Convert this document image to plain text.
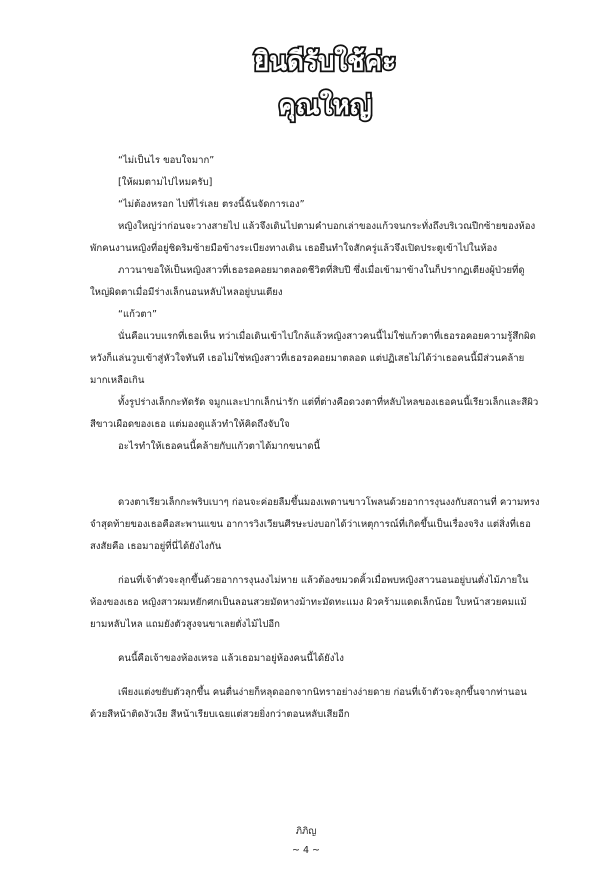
ยินดีรับใช้ค่ะ
คุณใหญ่

“ไม่เป็นไร ขอบใจมาก”

[ให้ผมตามไปไหมครับ]

“ไม่ต้องหรอก ไปที่ไร่เลย ตรงนี้ฉันจัดการเอง”

หญิงใหญ่ว่าก่อนจะวางสายไป แล้วจึงเดินไปตามคำบอกเล่าของแก้วจนกระทั่งถึงบริเวณปีกซ้ายของห้องพักคนงานหญิงที่อยู่ชิดริมซ้ายมือข้างระเบียงทางเดิน เธอยืนทำใจสักครู่แล้วจึงเปิดประตูเข้าไปในห้อง

ภาวนาขอให้เป็นหญิงสาวที่เธอรอคอยมาตลอดชีวิตที่สิบปี ซึ่งเมื่อเข้ามาข้างในก็ปรากฏเตียงผู้ป่วยที่ดูใหญ่ผิดตาเมื่อมีร่างเล็กนอนหลับไหลอยู่บนเตียง

“แก้วตา”

นั่นคือแวบแรกที่เธอเห็น ทว่าเมื่อเดินเข้าไปใกล้แล้วหญิงสาวคนนี้ไม่ใช่แก้วตาที่เธอรอคอยความรู้สึกผิดหวังก็แล่นวูบเข้าสู่หัวใจทันที เธอไม่ใช่หญิงสาวที่เธอรอคอยมาตลอด แต่ปฏิเสธไม่ได้ว่าเธอคนนี้มีส่วนคล้ายมากเหลือเกิน

ทั้งรูปร่างเล็กกะทัดรัด จมูกและปากเล็กน่ารัก แต่ที่ต่างคือดวงตาที่หลับไหลของเธอคนนี้เรียวเล็กและสีผิวสีขาวเผือดของเธอ แต่มองดูแล้วทำให้คิดถึงจับใจ

อะไรทำให้เธอคนนี้คล้ายกับแก้วตาได้มากขนาดนี้

ดวงตาเรียวเล็กกะพริบเบาๆ ก่อนจะค่อยลืมขึ้นมองเพดานขาวโพลนด้วยอาการงุนงงกับสถานที่ ความทรงจำสุดท้ายของเธอคือสะพานแขน อาการวิงเวียนศีรษะบ่งบอกได้ว่าเหตุการณ์ที่เกิดขึ้นเป็นเรื่องจริง แต่สิ่งที่เธอสงสัยคือ เธอมาอยู่ที่นี่ได้ยังไงกัน

ก่อนที่เจ้าตัวจะลุกขึ้นด้วยอาการงุนงงไม่หาย แล้วต้องขมวดคิ้วเมื่อพบหญิงสาวนอนอยู่บนตั่งไม้ภายในห้องของเธอ หญิงสาวผมหยักศกเป็นลอนสวยมัดหางม้าทะมัดทะแมง ผิวคร้ามแดดเล็กน้อย ใบหน้าสวยคมแม้ยามหลับไหล แถมยังตัวสูงจนขาเลยตั่งไม้ไปอีก

คนนี้คือเจ้าของห้องเหรอ แล้วเธอมาอยู่ห้องคนนี้ได้ยังไง

เพียงแต่งขยับตัวลุกขึ้น คนตื่นง่ายก็หลุดออกจากนิทราอย่างง่ายดาย ก่อนที่เจ้าตัวจะลุกขึ้นจากท่านอนด้วยสีหน้าติดงัวเงีย สีหน้าเรียบเฉยแต่สวยยิ่งกว่าตอนหลับเสียอีก

ภิภิญ
~ 4 ~
